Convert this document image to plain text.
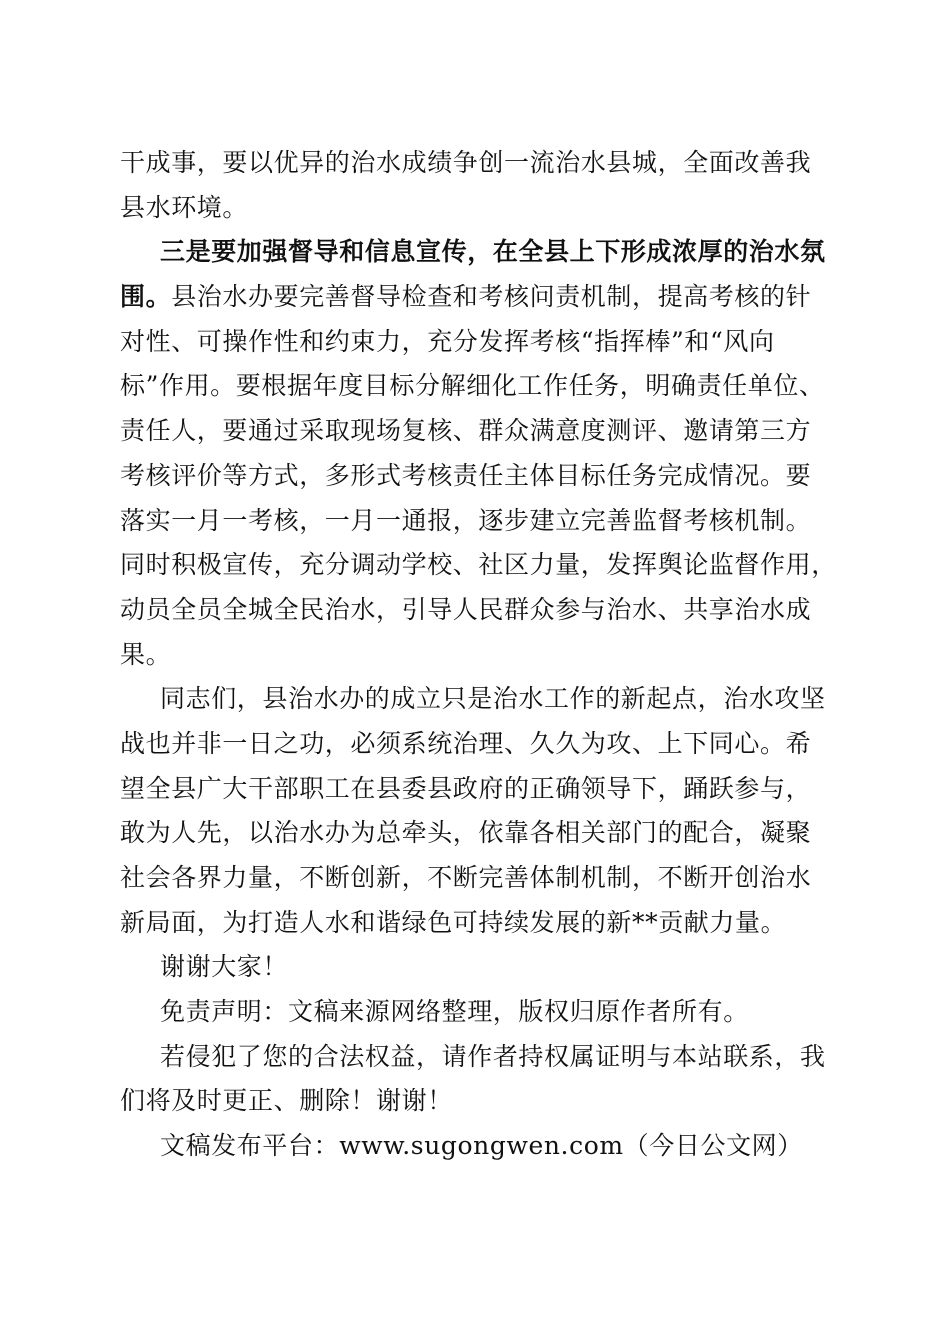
干成事，要以优异的治水成绩争创一流治水县城，全面改善我
县水环境。
三是要加强督导和信息宣传，在全县上下形成浓厚的治水氛
围。县治水办要完善督导检查和考核问责机制，提高考核的针
对性、可操作性和约束力，充分发挥考核“指挥棒”和“风向
标”作用。要根据年度目标分解细化工作任务，明确责任单位、
责任人，要通过采取现场复核、群众满意度测评、邀请第三方
考核评价等方式，多形式考核责任主体目标任务完成情况。要
落实一月一考核，一月一通报，逐步建立完善监督考核机制。
同时积极宣传，充分调动学校、社区力量，发挥舆论监督作用，
动员全员全城全民治水，引导人民群众参与治水、共享治水成
果。
同志们，县治水办的成立只是治水工作的新起点，治水攻坚
战也并非一日之功，必须系统治理、久久为攻、上下同心。希
望全县广大干部职工在县委县政府的正确领导下，踊跃参与，
敢为人先，以治水办为总牵头，依靠各相关部门的配合，凝聚
社会各界力量，不断创新，不断完善体制机制，不断开创治水
新局面，为打造人水和谐绿色可持续发展的新**贡献力量。
谢谢大家！
免责声明：文稿来源网络整理，版权归原作者所有。
若侵犯了您的合法权益，请作者持权属证明与本站联系，我
们将及时更正、删除！谢谢！
文稿发布平台：www.sugongwen.com（今日公文网）
